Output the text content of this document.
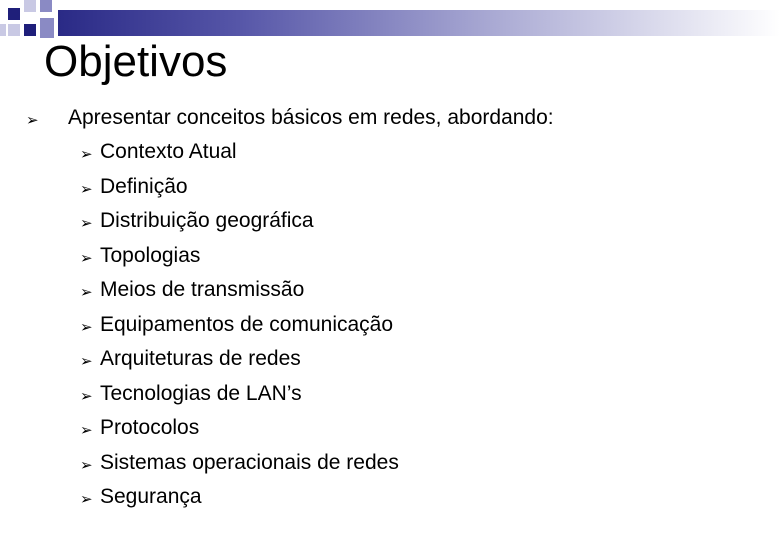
Objetivos
➢ Apresentar conceitos básicos em redes, abordando:
➢ Contexto Atual
➢ Definição
➢ Distribuição geográfica
➢ Topologias
➢ Meios de transmissão
➢ Equipamentos de comunicação
➢ Arquiteturas de redes
➢ Tecnologias de LAN’s
➢ Protocolos
➢ Sistemas operacionais de redes
➢ Segurança
